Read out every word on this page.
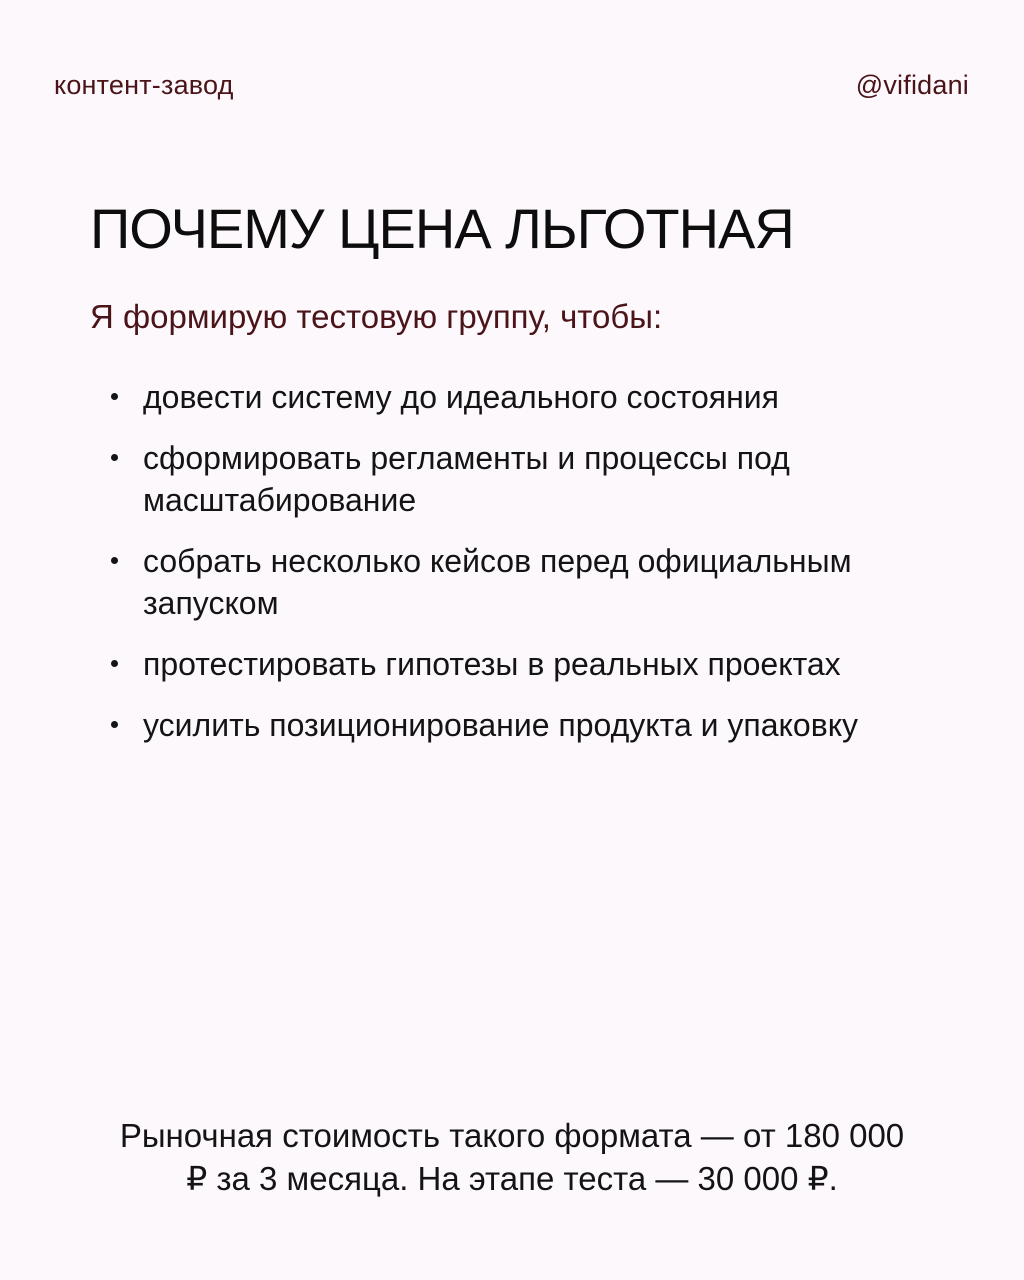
контент-завод	@vifidani
ПОЧЕМУ ЦЕНА ЛЬГОТНАЯ

Я формирую тестовую группу, чтобы:

довести систему до идеального состояния
сформировать регламенты и процессы под масштабирование
собрать несколько кейсов перед официальным запуском
протестировать гипотезы в реальных проектах
усилить позиционирование продукта и упаковку

Рыночная стоимость такого формата — от 180 000 ₽ за 3 месяца. На этапе теста — 30 000 ₽.
